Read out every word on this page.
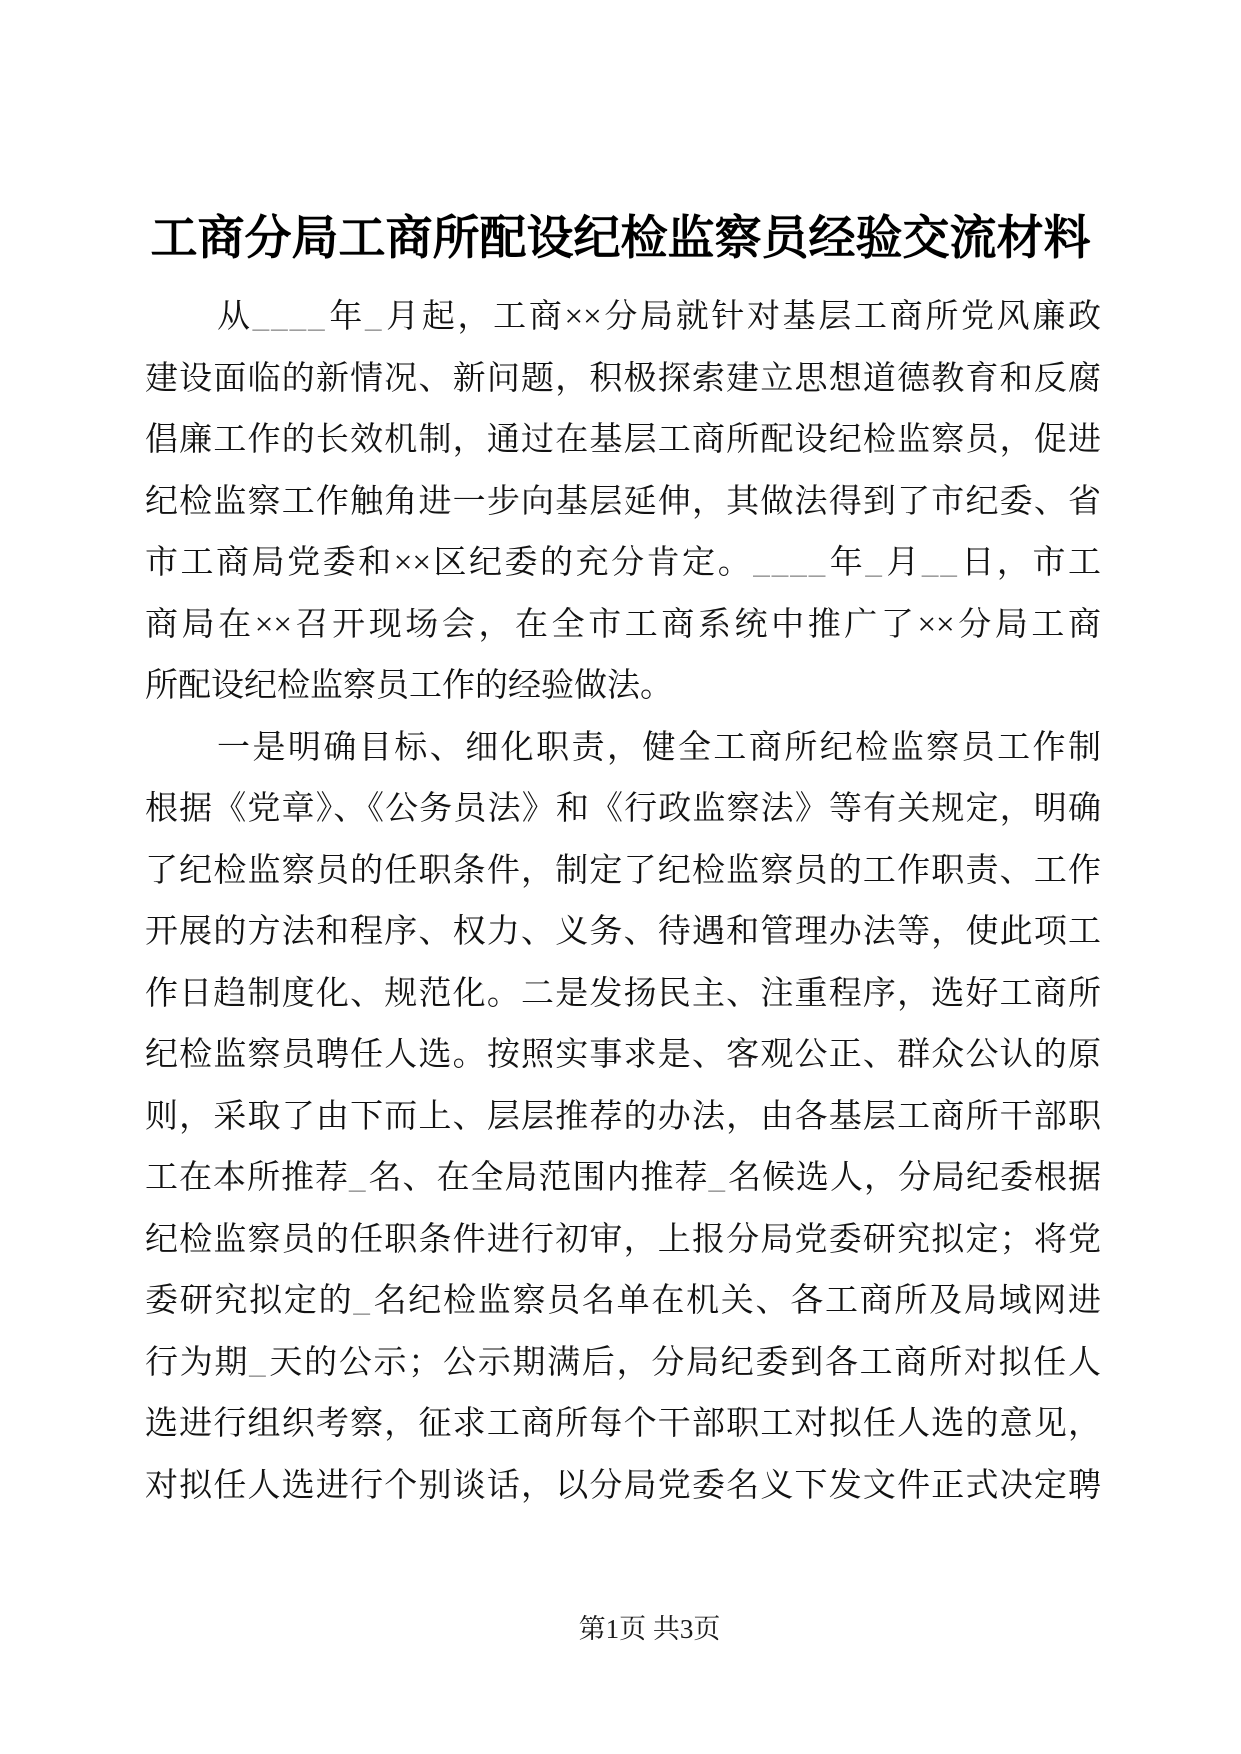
工商分局工商所配设纪检监察员经验交流材料
从____年_月起，工商××分局就针对基层工商所党风廉政
建设面临的新情况、新问题，积极探索建立思想道德教育和反腐
倡廉工作的长效机制，通过在基层工商所配设纪检监察员，促进
纪检监察工作触角进一步向基层延伸，其做法得到了市纪委、省
市工商局党委和××区纪委的充分肯定。____年_月__日，市工
商局在××召开现场会，在全市工商系统中推广了××分局工商
所配设纪检监察员工作的经验做法。
一是明确目标、细化职责，健全工商所纪检监察员工作制
根据《党章》、《公务员法》和《行政监察法》等有关规定，明确
了纪检监察员的任职条件，制定了纪检监察员的工作职责、工作
开展的方法和程序、权力、义务、待遇和管理办法等，使此项工
作日趋制度化、规范化。二是发扬民主、注重程序，选好工商所
纪检监察员聘任人选。按照实事求是、客观公正、群众公认的原
则，采取了由下而上、层层推荐的办法，由各基层工商所干部职
工在本所推荐_名、在全局范围内推荐_名候选人，分局纪委根据
纪检监察员的任职条件进行初审，上报分局党委研究拟定；将党
委研究拟定的_名纪检监察员名单在机关、各工商所及局域网进
行为期_天的公示；公示期满后，分局纪委到各工商所对拟任人
选进行组织考察，征求工商所每个干部职工对拟任人选的意见，
对拟任人选进行个别谈话，以分局党委名义下发文件正式决定聘
第1页 共3页
